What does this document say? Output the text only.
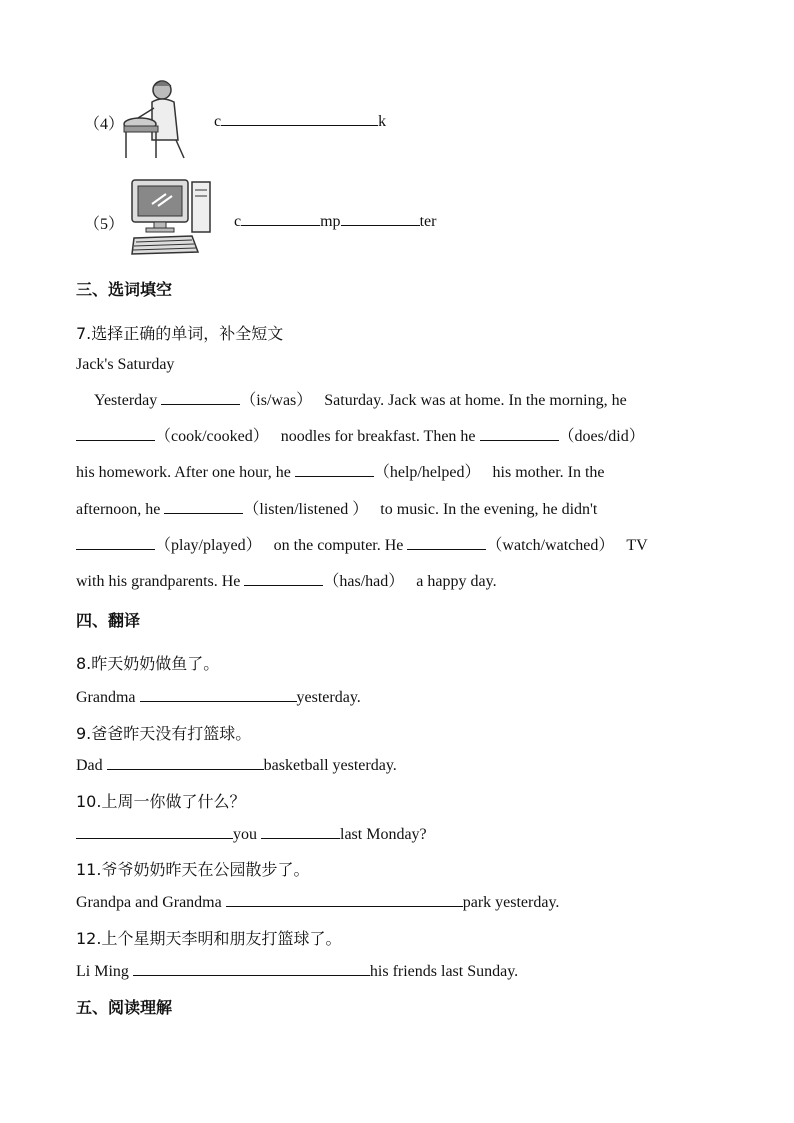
（4）	c	k
（5）	c	mp	ter
三、选词填空
7.选择正确的单词，补全短文
Jack's Saturday
Yesterday	（is/was） Saturday. Jack was at home. In the morning, he
（cook/cooked） noodles for breakfast. Then he	（does/did）
his homework. After one hour, he	（help/helped） his mother. In the
afternoon, he	（listen/listened ） to music. In the evening, he didn't
（play/played） on the computer. He	（watch/watched） TV
with his grandparents. He	（has/had） a happy day.
四、翻译
8.昨天奶奶做鱼了。
Grandma	yesterday.
9.爸爸昨天没有打篮球。
Dad	basketball yesterday.
10.上周一你做了什么？
you	last Monday?
11.爷爷奶奶昨天在公园散步了。
Grandpa and Grandma	park yesterday.
12.上个星期天李明和朋友打篮球了。
Li Ming	his friends last Sunday.
五、阅读理解
